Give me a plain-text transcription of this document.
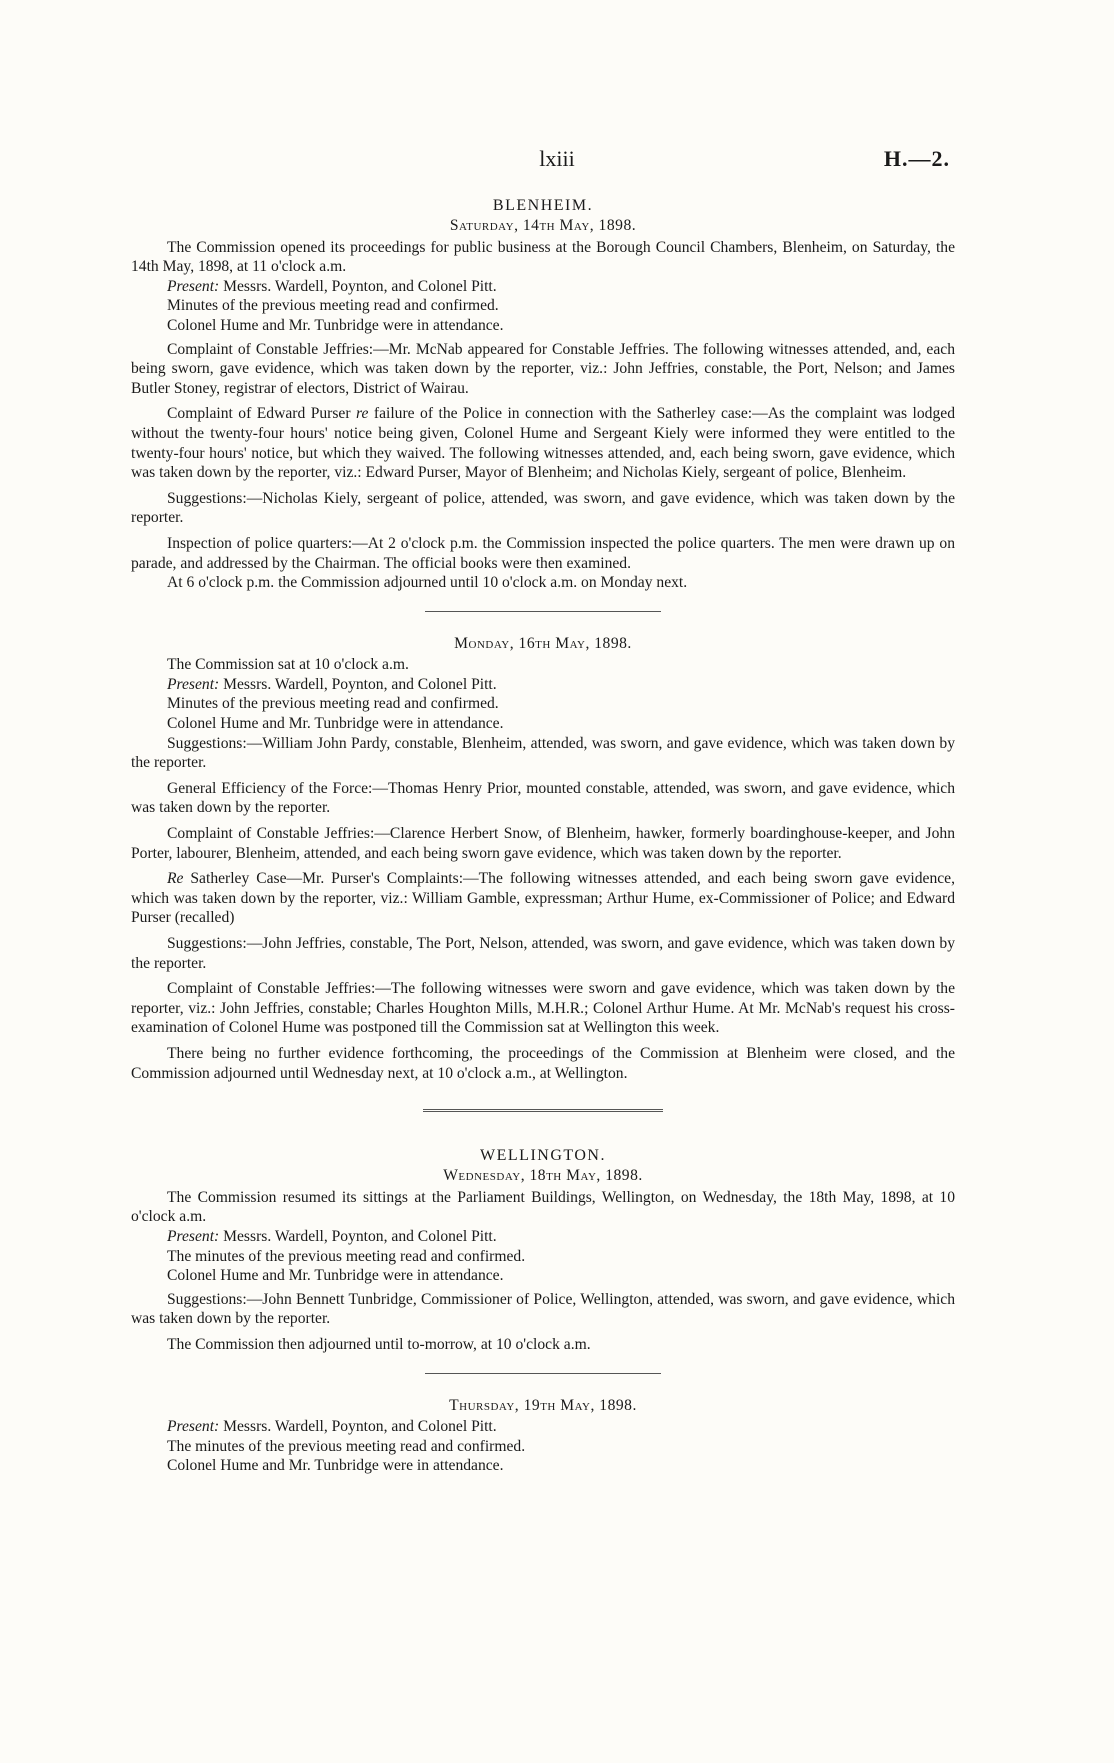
lxiii	H.—2.

BLENHEIM.

Saturday, 14th May, 1898.

The Commission opened its proceedings for public business at the Borough Council Chambers, Blenheim, on Saturday, the 14th May, 1898, at 11 o'clock a.m.

Present: Messrs. Wardell, Poynton, and Colonel Pitt.

Minutes of the previous meeting read and confirmed.

Colonel Hume and Mr. Tunbridge were in attendance.

Complaint of Constable Jeffries:—Mr. McNab appeared for Constable Jeffries. The following witnesses attended, and, each being sworn, gave evidence, which was taken down by the reporter, viz.: John Jeffries, constable, the Port, Nelson; and James Butler Stoney, registrar of electors, District of Wairau.

Complaint of Edward Purser re failure of the Police in connection with the Satherley case:—As the complaint was lodged without the twenty-four hours' notice being given, Colonel Hume and Sergeant Kiely were informed they were entitled to the twenty-four hours' notice, but which they waived. The following witnesses attended, and, each being sworn, gave evidence, which was taken down by the reporter, viz.: Edward Purser, Mayor of Blenheim; and Nicholas Kiely, sergeant of police, Blenheim.

Suggestions:—Nicholas Kiely, sergeant of police, attended, was sworn, and gave evidence, which was taken down by the reporter.

Inspection of police quarters:—At 2 o'clock p.m. the Commission inspected the police quarters. The men were drawn up on parade, and addressed by the Chairman. The official books were then examined.

At 6 o'clock p.m. the Commission adjourned until 10 o'clock a.m. on Monday next.

Monday, 16th May, 1898.

The Commission sat at 10 o'clock a.m.

Present: Messrs. Wardell, Poynton, and Colonel Pitt.

Minutes of the previous meeting read and confirmed.

Colonel Hume and Mr. Tunbridge were in attendance.

Suggestions:—William John Pardy, constable, Blenheim, attended, was sworn, and gave evidence, which was taken down by the reporter.

General Efficiency of the Force:—Thomas Henry Prior, mounted constable, attended, was sworn, and gave evidence, which was taken down by the reporter.

Complaint of Constable Jeffries:—Clarence Herbert Snow, of Blenheim, hawker, formerly boardinghouse-keeper, and John Porter, labourer, Blenheim, attended, and each being sworn gave evidence, which was taken down by the reporter.

Re Satherley Case—Mr. Purser's Complaints:—The following witnesses attended, and each being sworn gave evidence, which was taken down by the reporter, viz.: William Gamble, expressman; Arthur Hume, ex-Commissioner of Police; and Edward Purser (recalled)

Suggestions:—John Jeffries, constable, The Port, Nelson, attended, was sworn, and gave evidence, which was taken down by the reporter.

Complaint of Constable Jeffries:—The following witnesses were sworn and gave evidence, which was taken down by the reporter, viz.: John Jeffries, constable; Charles Houghton Mills, M.H.R.; Colonel Arthur Hume. At Mr. McNab's request his cross-examination of Colonel Hume was postponed till the Commission sat at Wellington this week.

There being no further evidence forthcoming, the proceedings of the Commission at Blenheim were closed, and the Commission adjourned until Wednesday next, at 10 o'clock a.m., at Wellington.

WELLINGTON.

Wednesday, 18th May, 1898.

The Commission resumed its sittings at the Parliament Buildings, Wellington, on Wednesday, the 18th May, 1898, at 10 o'clock a.m.

Present: Messrs. Wardell, Poynton, and Colonel Pitt.

The minutes of the previous meeting read and confirmed.

Colonel Hume and Mr. Tunbridge were in attendance.

Suggestions:—John Bennett Tunbridge, Commissioner of Police, Wellington, attended, was sworn, and gave evidence, which was taken down by the reporter.

The Commission then adjourned until to-morrow, at 10 o'clock a.m.

Thursday, 19th May, 1898.

Present: Messrs. Wardell, Poynton, and Colonel Pitt.

The minutes of the previous meeting read and confirmed.

Colonel Hume and Mr. Tunbridge were in attendance.
